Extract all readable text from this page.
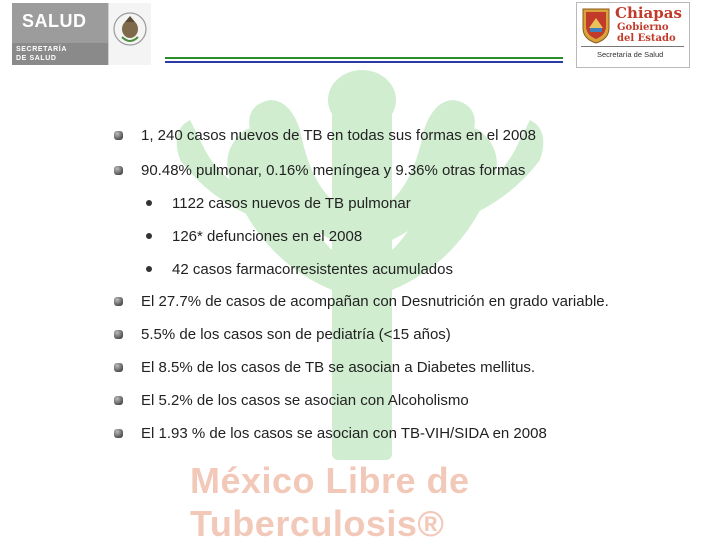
SALUD
SECRETARÍA
DE SALUD
Chiapas
Gobierno
del Estado
Secretaría de Salud
México Libre de
Tuberculosis®
1, 240 casos nuevos de TB en todas sus formas en el 2008
90.48% pulmonar, 0.16% meníngea y 9.36% otras formas
1122 casos nuevos de TB pulmonar
126* defunciones en el 2008
42 casos farmacorresistentes acumulados
El 27.7% de casos de acompañan con Desnutrición en grado variable.
5.5% de los casos son de pediatría (<15 años)
El 8.5% de los casos de TB se asocian a Diabetes mellitus.
El 5.2% de los casos se asocian con Alcoholismo
El 1.93 % de los casos se asocian con TB-VIH/SIDA en 2008
